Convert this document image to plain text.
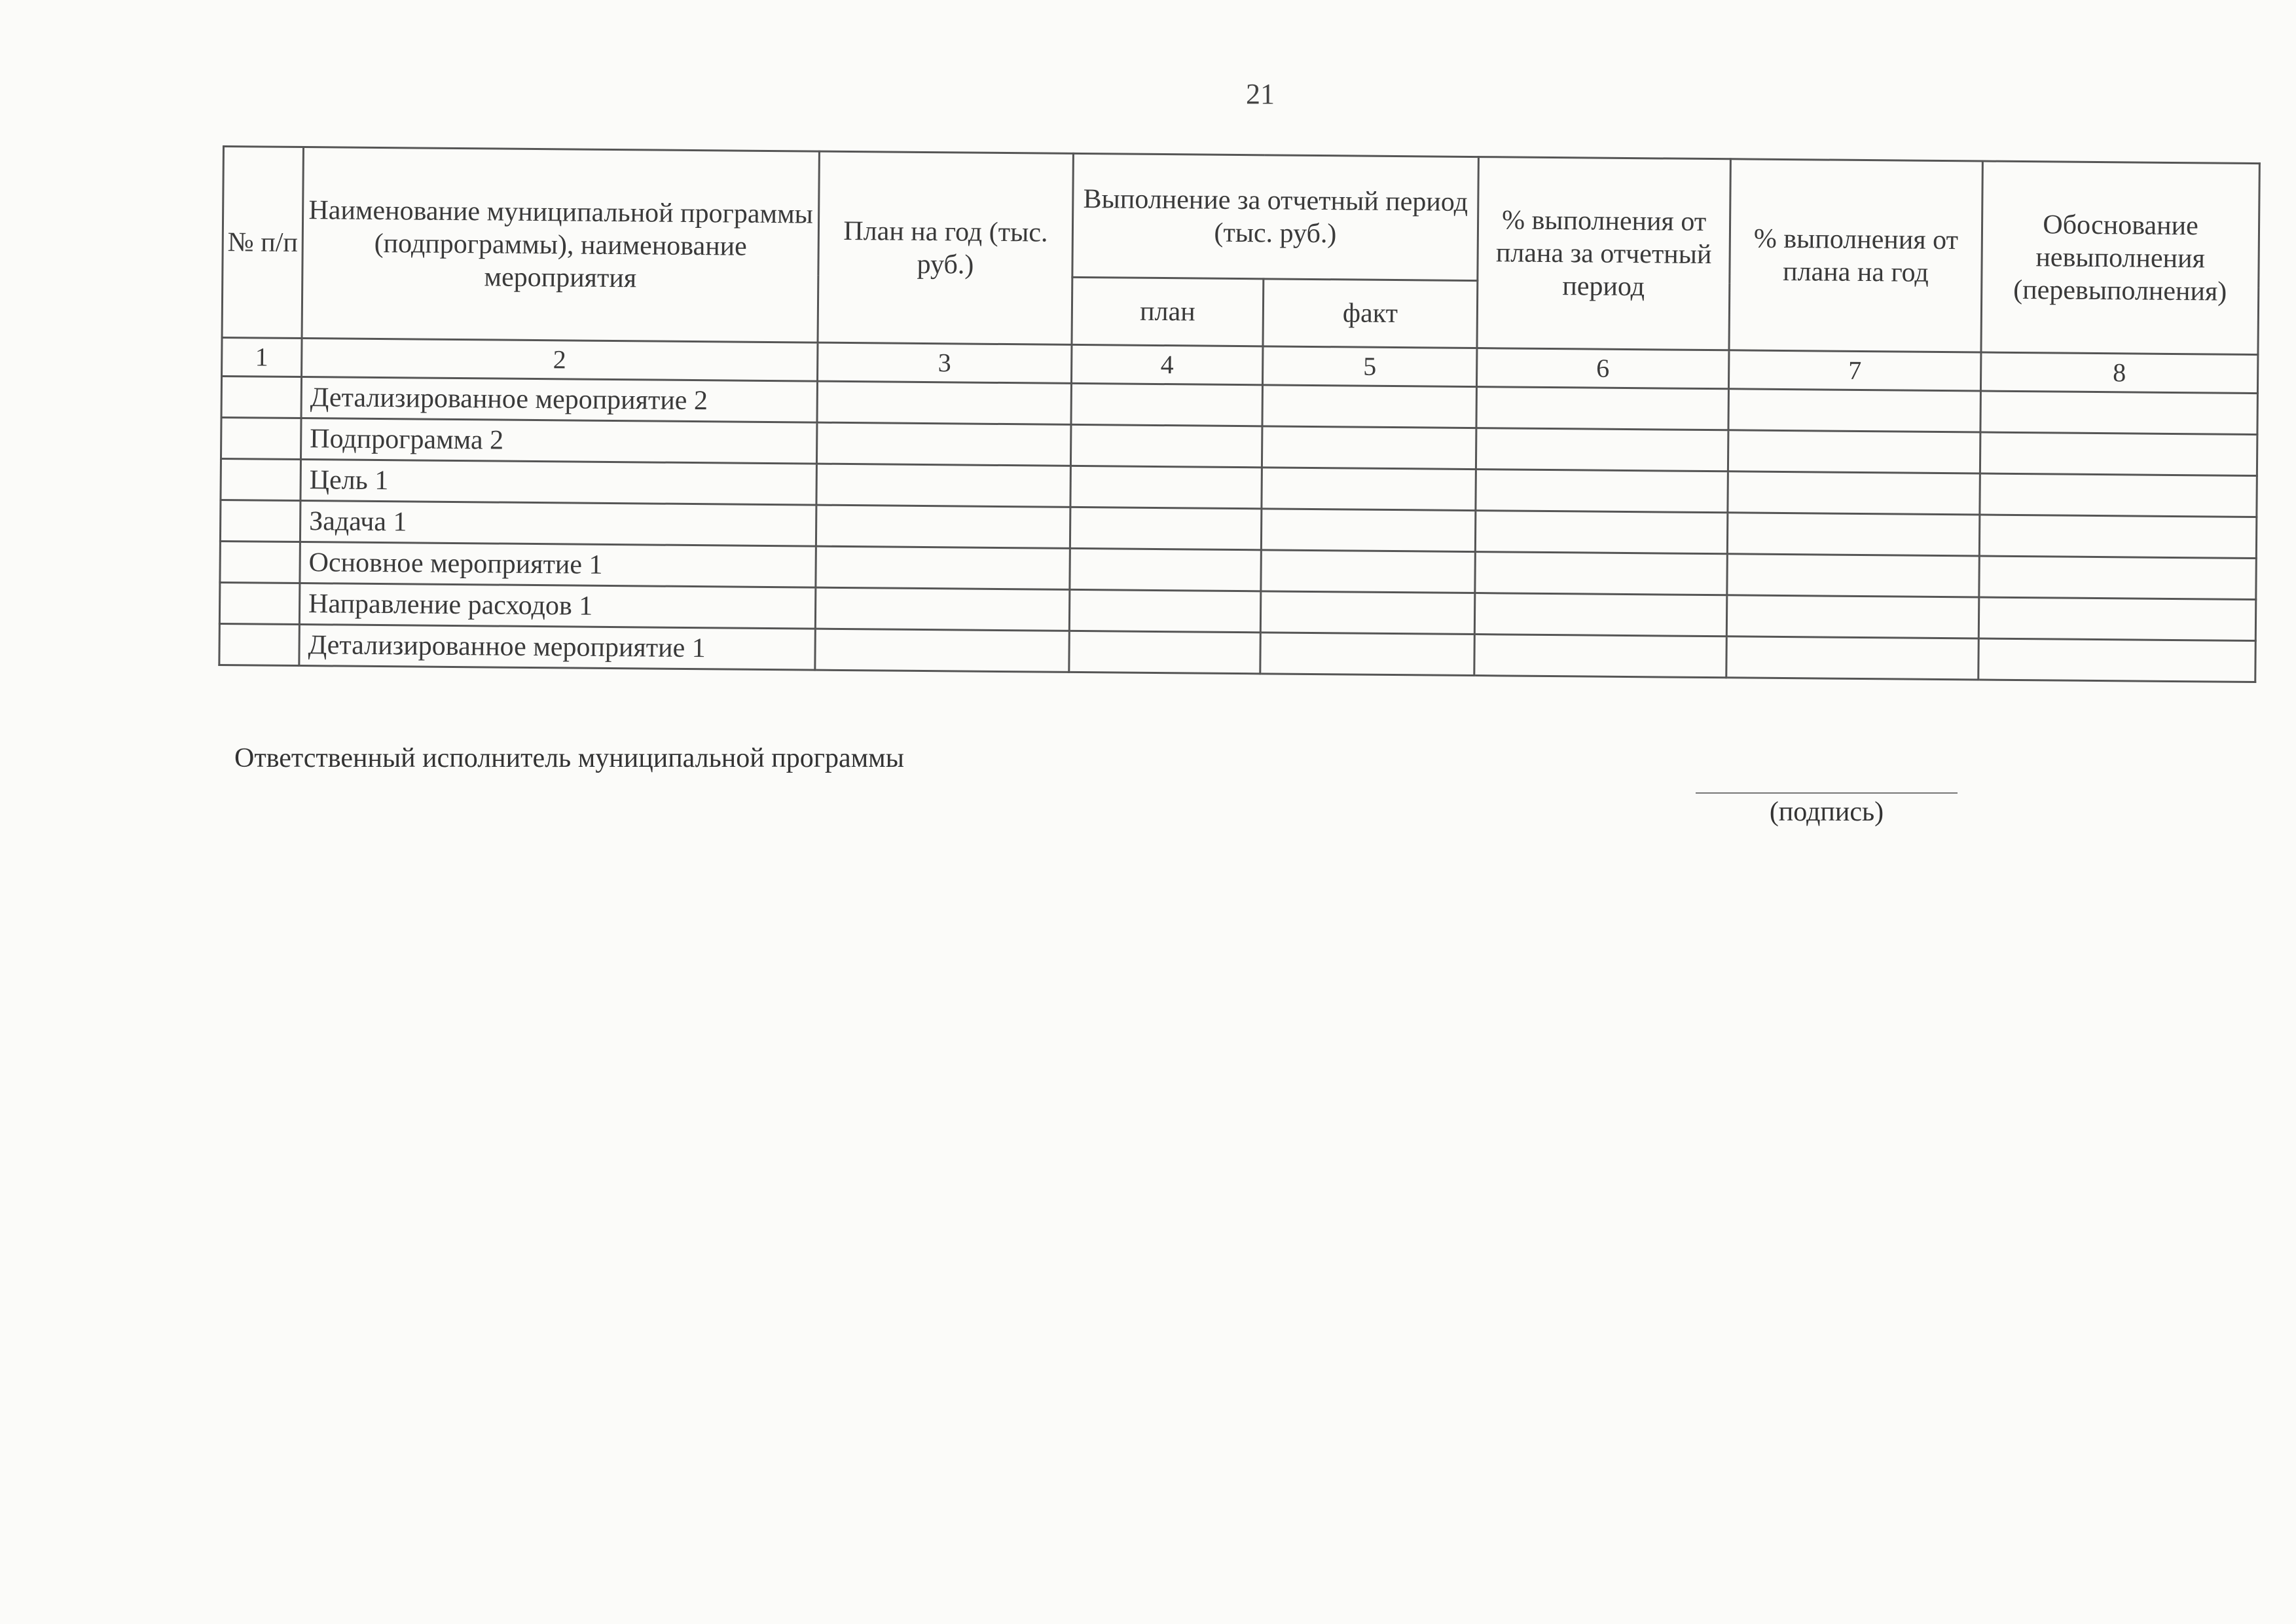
21
№ п/п	Наименование муниципальной программы (подпрограммы), наименование мероприятия	План на год (тыс. руб.)	Выполнение за отчетный период (тыс. руб.)		% выполнения от плана за отчетный период	% выполнения от плана на год	Обоснование невыполнения (перевыполнения)
			план	факт			
1	2	3	4	5	6	7	8
	Детализированное мероприятие 2						
	Подпрограмма 2						
	Цель 1						
	Задача 1						
	Основное мероприятие 1						
	Направление расходов 1						
	Детализированное мероприятие 1						
Ответственный исполнитель муниципальной программы
(подпись)
